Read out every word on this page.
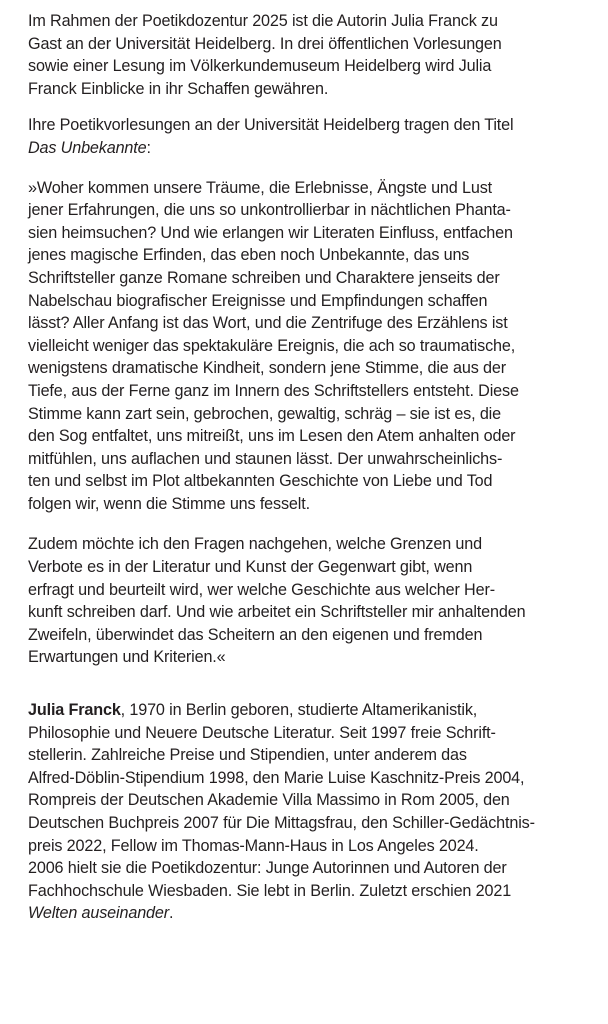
Im Rahmen der Poetikdozentur 2025 ist die Autorin Julia Franck zu
Gast an der Universität Heidelberg. In drei öffentlichen Vorlesungen
sowie einer Lesung im Völkerkundemuseum Heidelberg wird Julia
Franck Einblicke in ihr Schaffen gewähren.
Ihre Poetikvorlesungen an der Universität Heidelberg tragen den Titel
Das Unbekannte:
»Woher kommen unsere Träume, die Erlebnisse, Ängste und Lust
jener Erfahrungen, die uns so unkontrollierbar in nächtlichen Phanta-
sien heimsuchen? Und wie erlangen wir Literaten Einfluss, entfachen
jenes magische Erfinden, das eben noch Unbekannte, das uns
Schriftsteller ganze Romane schreiben und Charaktere jenseits der
Nabelschau biografischer Ereignisse und Empfindungen schaffen
lässt? Aller Anfang ist das Wort, und die Zentrifuge des Erzählens ist
vielleicht weniger das spektakuläre Ereignis, die ach so traumatische,
wenigstens dramatische Kindheit, sondern jene Stimme, die aus der
Tiefe, aus der Ferne ganz im Innern des Schriftstellers entsteht. Diese
Stimme kann zart sein, gebrochen, gewaltig, schräg – sie ist es, die
den Sog entfaltet, uns mitreißt, uns im Lesen den Atem anhalten oder
mitfühlen, uns auflachen und staunen lässt. Der unwahrscheinlichs-
ten und selbst im Plot altbekannten Geschichte von Liebe und Tod
folgen wir, wenn die Stimme uns fesselt.
Zudem möchte ich den Fragen nachgehen, welche Grenzen und
Verbote es in der Literatur und Kunst der Gegenwart gibt, wenn
erfragt und beurteilt wird, wer welche Geschichte aus welcher Her-
kunft schreiben darf. Und wie arbeitet ein Schriftsteller mir anhaltenden
Zweifeln, überwindet das Scheitern an den eigenen und fremden
Erwartungen und Kriterien.«
Julia Franck, 1970 in Berlin geboren, studierte Altamerikanistik,
Philosophie und Neuere Deutsche Literatur. Seit 1997 freie Schrift-
stellerin. Zahlreiche Preise und Stipendien, unter anderem das
Alfred-Döblin-Stipendium 1998, den Marie Luise Kaschnitz-Preis 2004,
Rompreis der Deutschen Akademie Villa Massimo in Rom 2005, den
Deutschen Buchpreis 2007 für Die Mittagsfrau, den Schiller-Gedächtnis-
preis 2022, Fellow im Thomas-Mann-Haus in Los Angeles 2024.
2006 hielt sie die Poetikdozentur: Junge Autorinnen und Autoren der
Fachhochschule Wiesbaden. Sie lebt in Berlin. Zuletzt erschien 2021
Welten auseinander.
